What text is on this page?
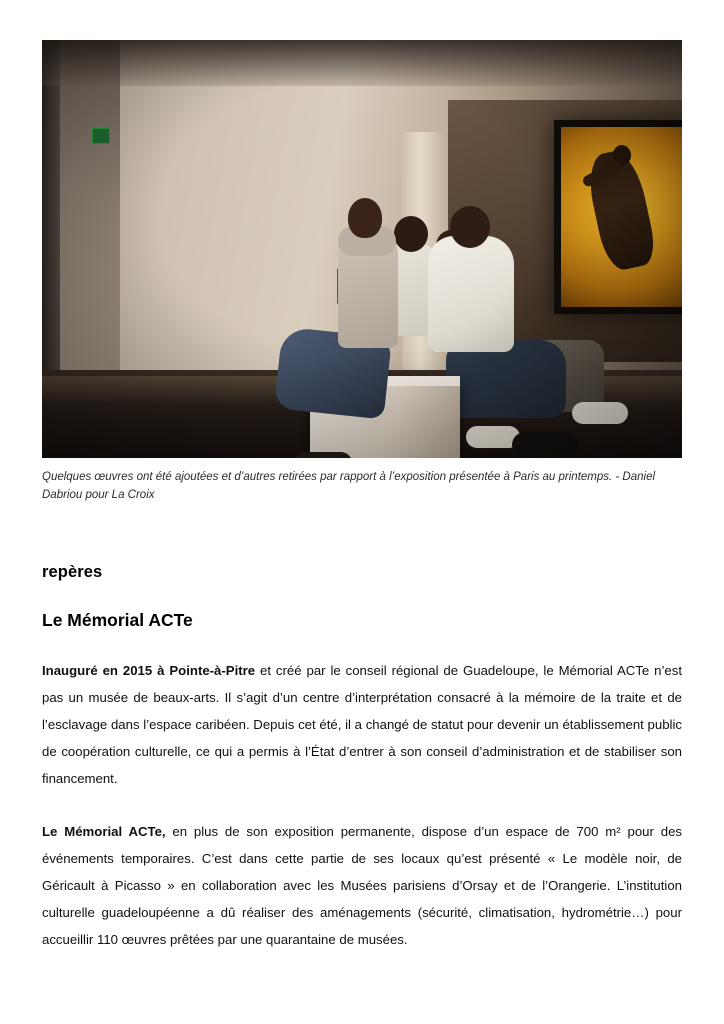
Quelques œuvres ont été ajoutées et d’autres retirées par rapport à l’exposition présentée à Paris au printemps. - Daniel Dabriou pour La Croix
repères
Le Mémorial ACTe

Inauguré en 2015 à Pointe-à-Pitre et créé par le conseil régional de Guadeloupe, le Mémorial ACTe n’est pas un musée de beaux-arts. Il s’agit d’un centre d’interprétation consacré à la mémoire de la traite et de l’esclavage dans l’espace caribéen. Depuis cet été, il a changé de statut pour devenir un établissement public de coopération culturelle, ce qui a permis à l’État d’entrer à son conseil d’administration et de stabiliser son financement.

Le Mémorial ACTe, en plus de son exposition permanente, dispose d’un espace de 700 m² pour des événements temporaires. C’est dans cette partie de ses locaux qu’est présenté « Le modèle noir, de Géricault à Picasso » en collaboration avec les Musées parisiens d’Orsay et de l’Orangerie. L’institution culturelle guadeloupéenne a dû réaliser des aménagements (sécurité, climatisation, hydrométrie…) pour accueillir 110 œuvres prêtées par une quarantaine de musées.
